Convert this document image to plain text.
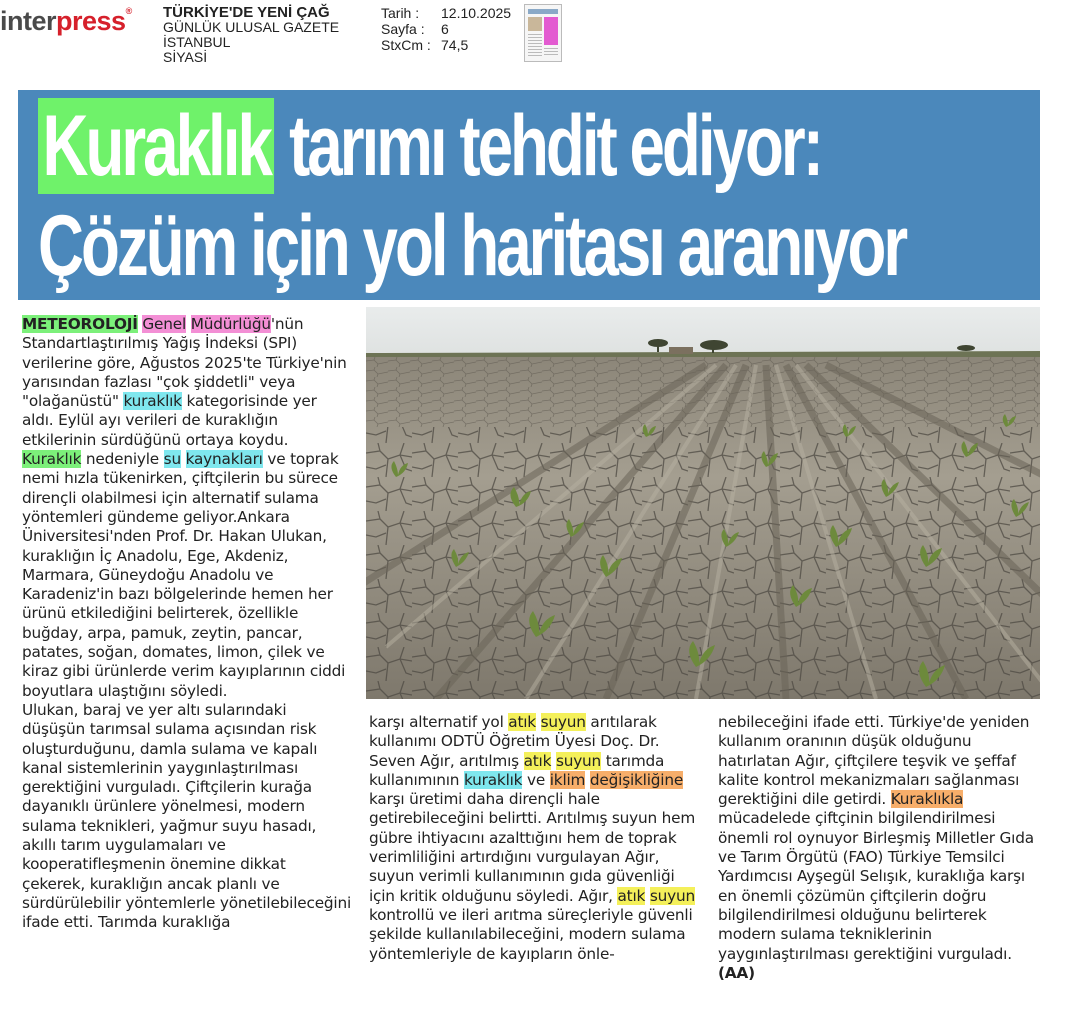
interpress® TÜRKİYE'DE YENİ ÇAĞ
GÜNLÜK ULUSAL GAZETE
İSTANBUL
SİYASİ
Tarih :	12.10.2025
Sayfa :	6
StxCm : 74,5
Kuraklık tarımı tehdit ediyor:
Çözüm için yol haritası aranıyor

METEOROLOJİ Genel Müdürlüğü'nün Standartlaştırılmış Yağış İndeksi (SPI) verilerine göre, Ağustos 2025'te Türkiye'nin yarısından fazlası "çok şiddetli" veya "olağanüstü" kuraklık kategorisinde yer aldı. Eylül ayı verileri de kuraklığın etkilerinin sürdüğünü ortaya koydu.

Kuraklık nedeniyle su kaynakları ve toprak nemi hızla tükenirken, çiftçilerin bu sürece dirençli olabilmesi için alternatif sulama yöntemleri gündeme geliyor.Ankara Üniversitesi'nden Prof. Dr. Hakan Ulukan, kuraklığın İç Anadolu, Ege, Akdeniz, Marmara, Güneydoğu Anadolu ve Karadeniz'in bazı bölgelerinde hemen her ürünü etkilediğini belirterek, özellikle buğday, arpa, pamuk, zeytin, pancar, patates, soğan, domates, limon, çilek ve kiraz gibi ürünlerde verim kayıplarının ciddi boyutlara ulaştığını söyledi.

Ulukan, baraj ve yer altı sularındaki düşüşün tarımsal sulama açısından risk oluşturduğunu, damla sulama ve kapalı kanal sistemlerinin yaygınlaştırılması gerektiğini vurguladı. Çiftçilerin kurağa dayanıklı ürünlere yönelmesi, modern sulama teknikleri, yağmur suyu hasadı, akıllı tarım uygulamaları ve kooperatifleşmenin önemine dikkat çekerek, kuraklığın ancak planlı ve sürdürülebilir yöntemlerle yönetilebileceğini ifade etti. Tarımda kuraklığa

karşı alternatif yol atık suyun arıtılarak kullanımı ODTÜ Öğretim Üyesi Doç. Dr. Seven Ağır, arıtılmış atık suyun tarımda kullanımının kuraklık ve iklim değişikliğine karşı üretimi daha dirençli hale getirebileceğini belirtti. Arıtılmış suyun hem gübre ihtiyacını azalttığını hem de toprak verimliliğini artırdığını vurgulayan Ağır, suyun verimli kullanımının gıda güvenliği için kritik olduğunu söyledi. Ağır, atık suyun kontrollü ve ileri arıtma süreçleriyle güvenli şekilde kullanılabileceğini, modern sulama yöntemleriyle de kayıpların önle-

nebileceğini ifade etti. Türkiye'de yeniden kullanım oranının düşük olduğunu hatırlatan Ağır, çiftçilere teşvik ve şeffaf kalite kontrol mekanizmaları sağlanması gerektiğini dile getirdi. Kuraklıkla mücadelede çiftçinin bilgilendirilmesi önemli rol oynuyor Birleşmiş Milletler Gıda ve Tarım Örgütü (FAO) Türkiye Temsilci Yardımcısı Ayşegül Selışık, kuraklığa karşı en önemli çözümün çiftçilerin doğru bilgilendirilmesi olduğunu belirterek modern sulama tekniklerinin yaygınlaştırılması gerektiğini vurguladı. (AA)
